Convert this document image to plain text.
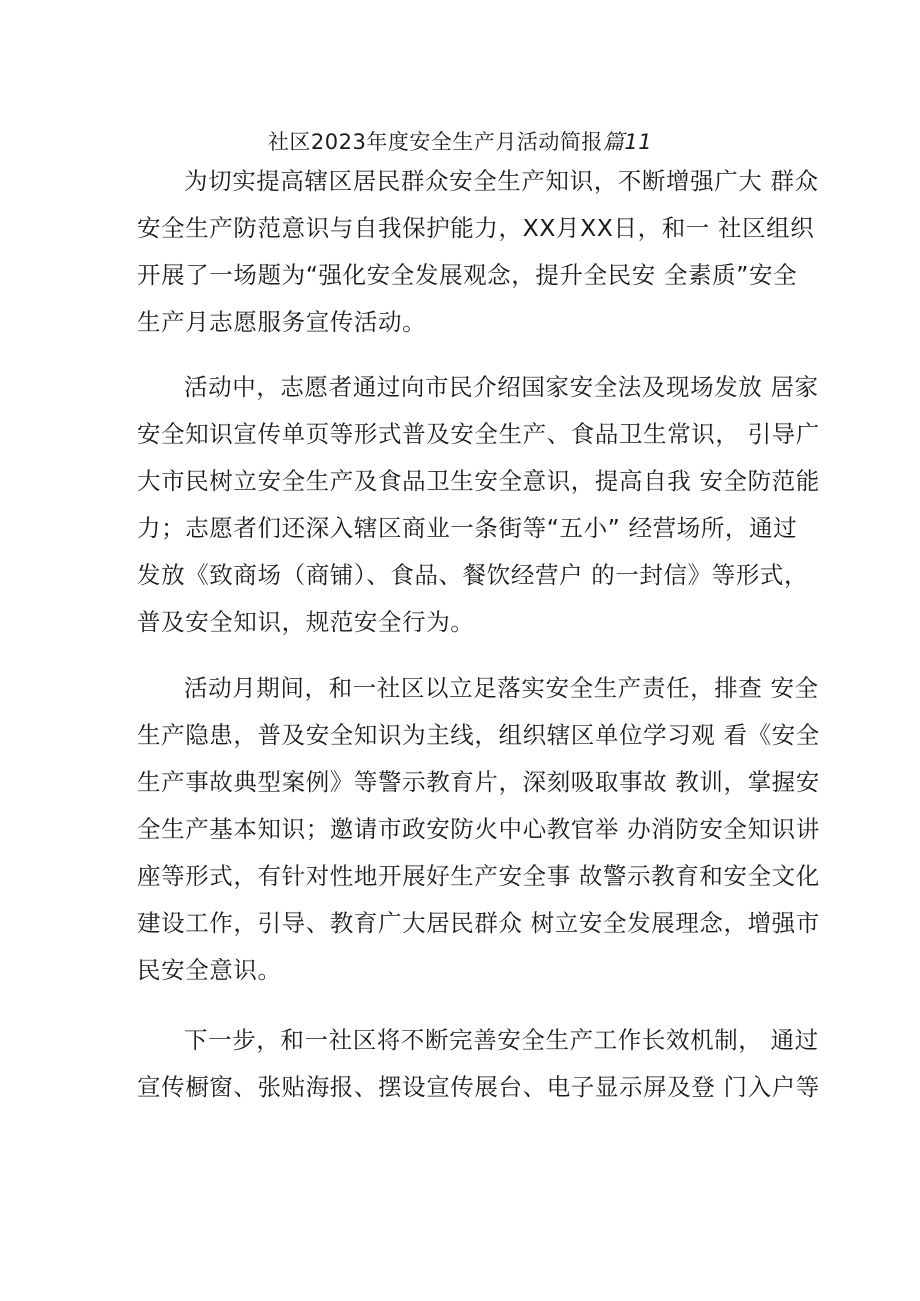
社区2023年度安全生产月活动简报篇11
为切实提高辖区居民群众安全生产知识，不断增强广大 群众
安全生产防范意识与自我保护能力，XX月XX日，和一 社区组织
开展了一场题为“强化安全发展观念，提升全民安 全素质”安全
生产月志愿服务宣传活动。
活动中，志愿者通过向市民介绍国家安全法及现场发放 居家
安全知识宣传单页等形式普及安全生产、食品卫生常识， 引导广
大市民树立安全生产及食品卫生安全意识，提高自我 安全防范能
力；志愿者们还深入辖区商业一条街等“五小” 经营场所，通过
发放《致商场（商铺）、食品、餐饮经营户 的一封信》等形式，
普及安全知识，规范安全行为。
活动月期间，和一社区以立足落实安全生产责任，排查 安全
生产隐患，普及安全知识为主线，组织辖区单位学习观 看《安全
生产事故典型案例》等警示教育片，深刻吸取事故 教训，掌握安
全生产基本知识；邀请市政安防火中心教官举 办消防安全知识讲
座等形式，有针对性地开展好生产安全事 故警示教育和安全文化
建设工作，引导、教育广大居民群众 树立安全发展理念，增强市
民安全意识。
下一步，和一社区将不断完善安全生产工作长效机制， 通过
宣传橱窗、张贴海报、摆设宣传展台、电子显示屏及登 门入户等
